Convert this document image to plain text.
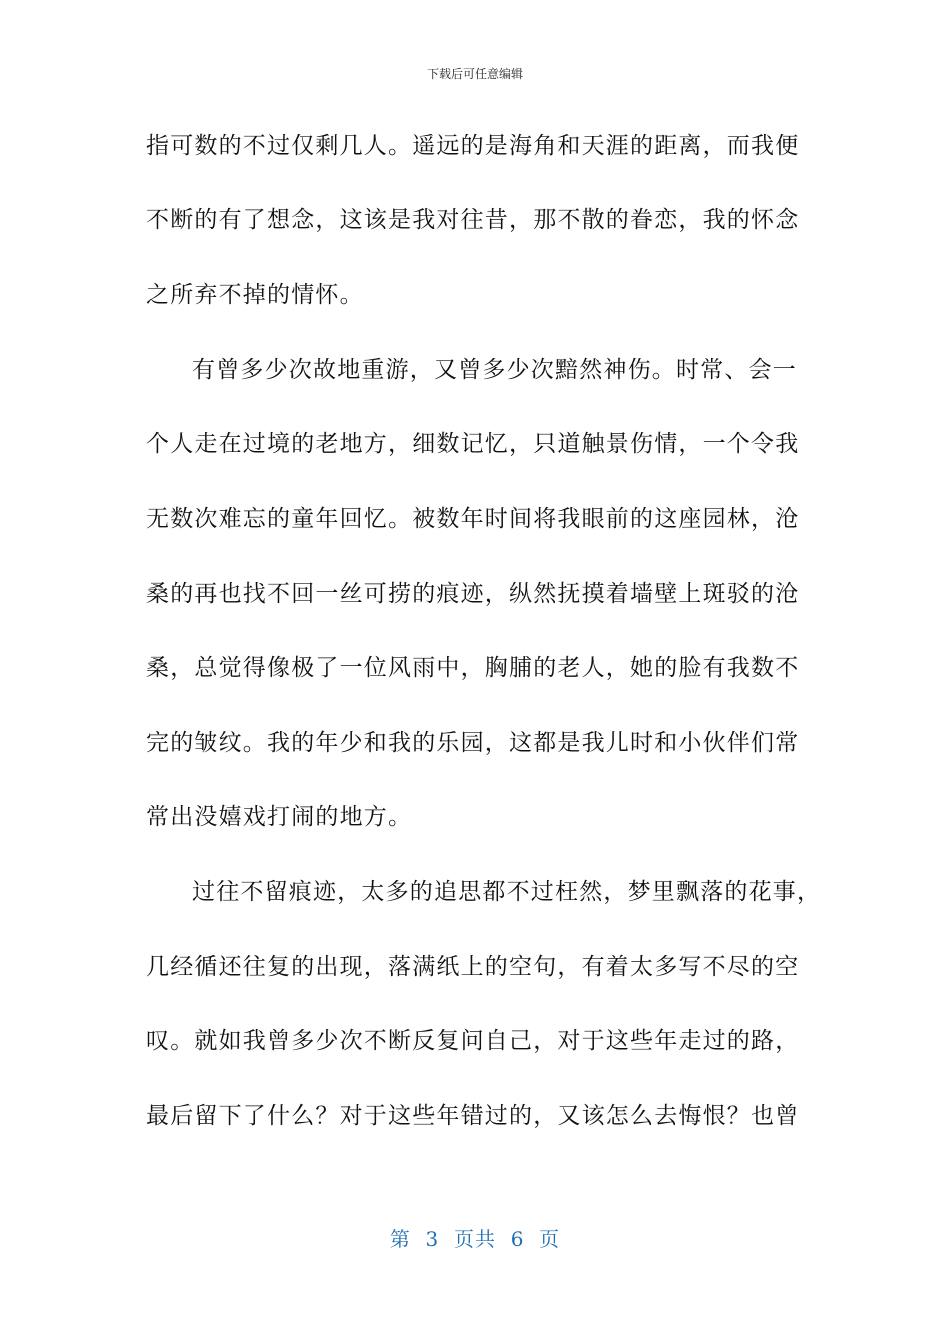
下载后可任意编辑
指可数的不过仅剩几人。遥远的是海角和天涯的距离，而我便
不断的有了想念，这该是我对往昔，那不散的眷恋，我的怀念
之所弃不掉的情怀。
有曾多少次故地重游，又曾多少次黯然神伤。时常、会一
个人走在过境的老地方，细数记忆，只道触景伤情，一个令我
无数次难忘的童年回忆。被数年时间将我眼前的这座园林，沧
桑的再也找不回一丝可捞的痕迹，纵然抚摸着墙壁上斑驳的沧
桑，总觉得像极了一位风雨中，胸脯的老人，她的脸有我数不
完的皱纹。我的年少和我的乐园，这都是我儿时和小伙伴们常
常出没嬉戏打闹的地方。
过往不留痕迹，太多的追思都不过枉然，梦里飘落的花事，
几经循还往复的出现，落满纸上的空句，有着太多写不尽的空
叹。就如我曾多少次不断反复问自己，对于这些年走过的路，
最后留下了什么？对于这些年错过的，又该怎么去悔恨？也曾
第  3  页共  6  页
